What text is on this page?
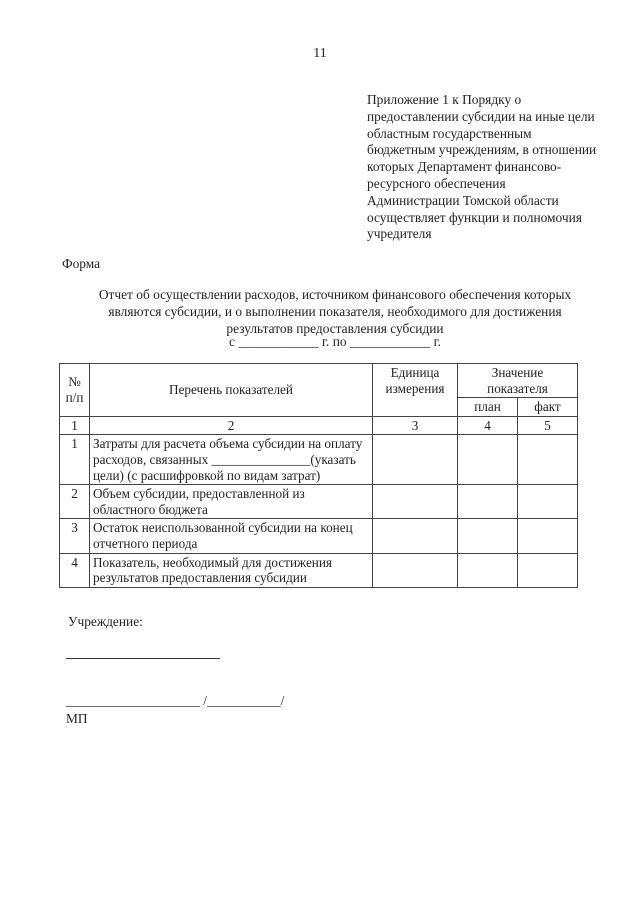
11
Приложение 1 к Порядку о
предоставлении субсидии на иные цели
областным государственным
бюджетным учреждениям, в отношении
которых Департамент финансово-
ресурсного обеспечения
Администрации Томской области
осуществляет функции и полномочия
учредителя
Форма
Отчет об осуществлении расходов, источником финансового обеспечения которых
являются субсидии, и о выполнении показателя, необходимого для достижения
результатов предоставления субсидии
с ____________ г. по ____________ г.
№ п/п	Перечень показателей	Единица измерения	Значение показателя	
			план	факт
1	2	3	4	5
1	Затраты для расчета объема субсидии на оплату расходов, связанных _______________(указать цели) (с расшифровкой по видам затрат)			
2	Объем субсидии, предоставленной из областного бюджета			
3	Остаток неиспользованной субсидии на конец отчетного периода			
4	Показатель, необходимый для достижения результатов предоставления субсидии			
Учреждение:
____________________ /___________/
МП
